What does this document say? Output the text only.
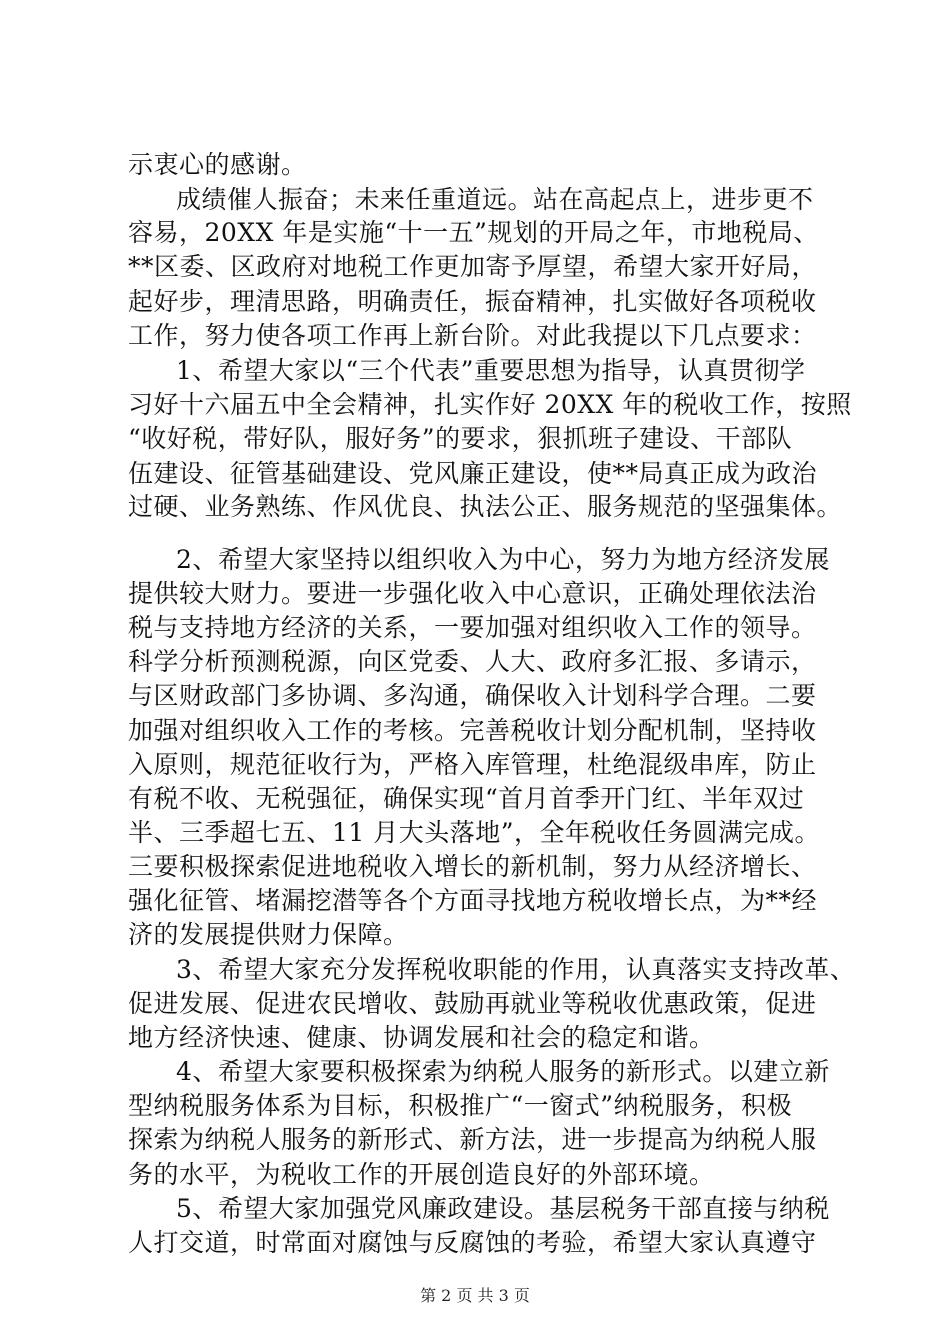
示衷心的感谢。
成绩催人振奋；未来任重道远。站在高起点上，进步更不
容易，20XX 年是实施“十一五”规划的开局之年，市地税局、
**区委、区政府对地税工作更加寄予厚望，希望大家开好局，
起好步，理清思路，明确责任，振奋精神，扎实做好各项税收
工作，努力使各项工作再上新台阶。对此我提以下几点要求：
1、希望大家以“三个代表”重要思想为指导，认真贯彻学
习好十六届五中全会精神，扎实作好 20XX 年的税收工作，按照
“收好税，带好队，服好务”的要求，狠抓班子建设、干部队
伍建设、征管基础建设、党风廉正建设，使**局真正成为政治
过硬、业务熟练、作风优良、执法公正、服务规范的坚强集体。
2、希望大家坚持以组织收入为中心，努力为地方经济发展
提供较大财力。要进一步强化收入中心意识，正确处理依法治
税与支持地方经济的关系，一要加强对组织收入工作的领导。
科学分析预测税源，向区党委、人大、政府多汇报、多请示，
与区财政部门多协调、多沟通，确保收入计划科学合理。二要
加强对组织收入工作的考核。完善税收计划分配机制，坚持收
入原则，规范征收行为，严格入库管理，杜绝混级串库，防止
有税不收、无税强征，确保实现“首月首季开门红、半年双过
半、三季超七五、11 月大头落地”，全年税收任务圆满完成。
三要积极探索促进地税收入增长的新机制，努力从经济增长、
强化征管、堵漏挖潜等各个方面寻找地方税收增长点，为**经
济的发展提供财力保障。
3、希望大家充分发挥税收职能的作用，认真落实支持改革、
促进发展、促进农民增收、鼓励再就业等税收优惠政策，促进
地方经济快速、健康、协调发展和社会的稳定和谐。
4、希望大家要积极探索为纳税人服务的新形式。以建立新
型纳税服务体系为目标，积极推广“一窗式”纳税服务，积极
探索为纳税人服务的新形式、新方法，进一步提高为纳税人服
务的水平，为税收工作的开展创造良好的外部环境。
5、希望大家加强党风廉政建设。基层税务干部直接与纳税
人打交道，时常面对腐蚀与反腐蚀的考验，希望大家认真遵守
第 2 页 共 3 页
